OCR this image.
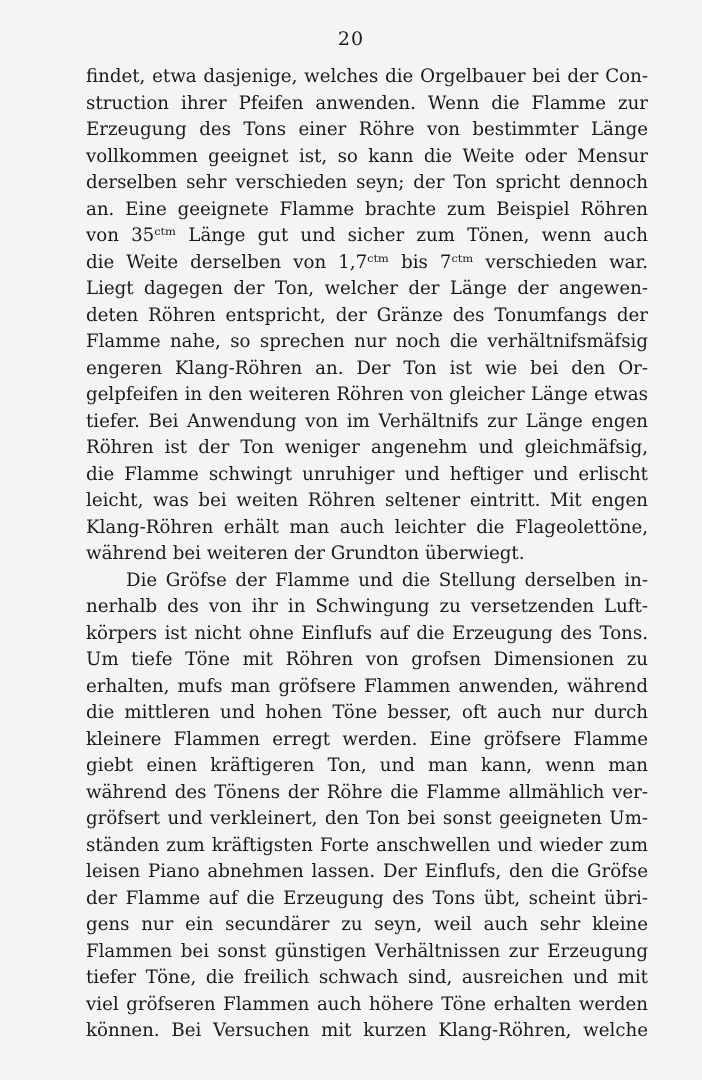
20
findet, etwa dasjenige, welches die Orgelbauer bei der Con-
struction ihrer Pfeifen anwenden. Wenn die Flamme zur
Erzeugung des Tons einer Röhre von bestimmter Länge
vollkommen geeignet ist, so kann die Weite oder Mensur
derselben sehr verschieden seyn; der Ton spricht dennoch
an. Eine geeignete Flamme brachte zum Beispiel Röhren
von 35ᶜᵗᵐ Länge gut und sicher zum Tönen, wenn auch
die Weite derselben von 1,7ᶜᵗᵐ bis 7ᶜᵗᵐ verschieden war.
Liegt dagegen der Ton, welcher der Länge der angewen-
deten Röhren entspricht, der Gränze des Tonumfangs der
Flamme nahe, so sprechen nur noch die verhältnifsmäfsig
engeren Klang-Röhren an. Der Ton ist wie bei den Or-
gelpfeifen in den weiteren Röhren von gleicher Länge etwas
tiefer. Bei Anwendung von im Verhältnifs zur Länge engen
Röhren ist der Ton weniger angenehm und gleichmäfsig,
die Flamme schwingt unruhiger und heftiger und erlischt
leicht, was bei weiten Röhren seltener eintritt. Mit engen
Klang-Röhren erhält man auch leichter die Flageolettöne,
während bei weiteren der Grundton überwiegt.
Die Gröfse der Flamme und die Stellung derselben in-
nerhalb des von ihr in Schwingung zu versetzenden Luft-
körpers ist nicht ohne Einflufs auf die Erzeugung des Tons.
Um tiefe Töne mit Röhren von grofsen Dimensionen zu
erhalten, mufs man gröfsere Flammen anwenden, während
die mittleren und hohen Töne besser, oft auch nur durch
kleinere Flammen erregt werden. Eine gröfsere Flamme
giebt einen kräftigeren Ton, und man kann, wenn man
während des Tönens der Röhre die Flamme allmählich ver-
gröfsert und verkleinert, den Ton bei sonst geeigneten Um-
ständen zum kräftigsten Forte anschwellen und wieder zum
leisen Piano abnehmen lassen. Der Einflufs, den die Gröfse
der Flamme auf die Erzeugung des Tons übt, scheint übri-
gens nur ein secundärer zu seyn, weil auch sehr kleine
Flammen bei sonst günstigen Verhältnissen zur Erzeugung
tiefer Töne, die freilich schwach sind, ausreichen und mit
viel gröfseren Flammen auch höhere Töne erhalten werden
können. Bei Versuchen mit kurzen Klang-Röhren, welche
